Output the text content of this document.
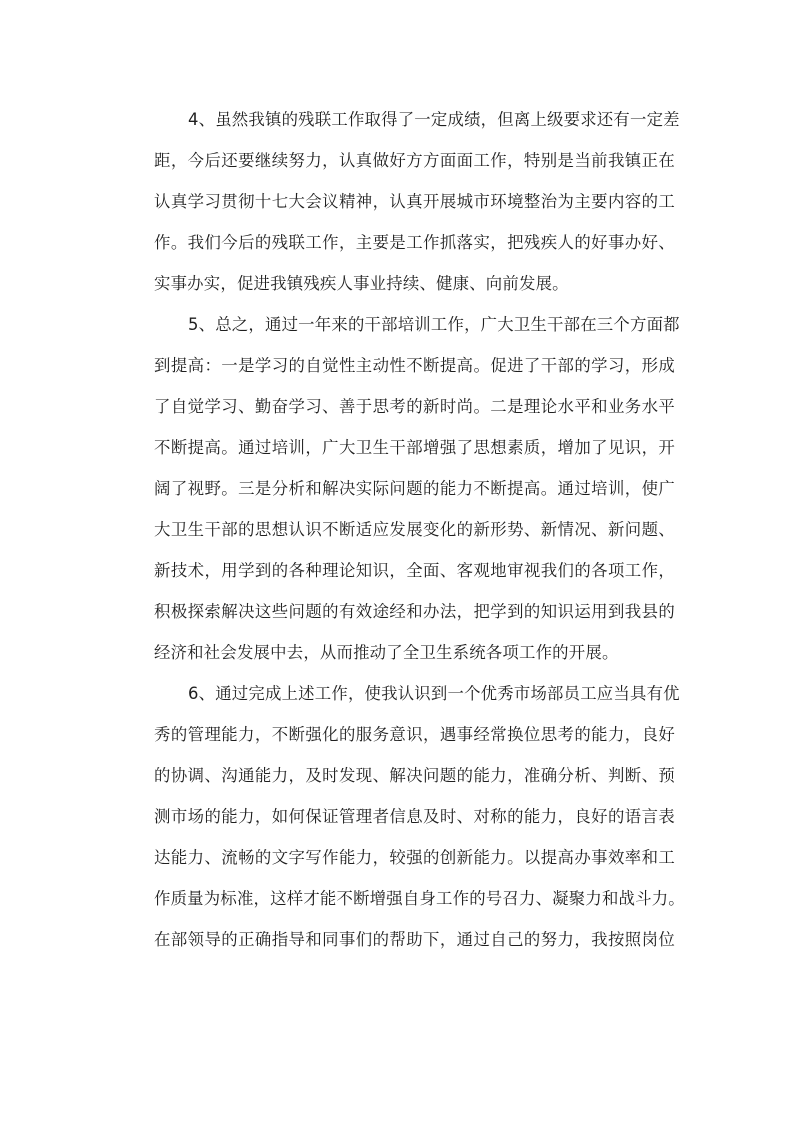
4、虽然我镇的残联工作取得了一定成绩，但离上级要求还有一定差
距，今后还要继续努力，认真做好方方面面工作，特别是当前我镇正在
认真学习贯彻十七大会议精神，认真开展城市环境整治为主要内容的工
作。我们今后的残联工作，主要是工作抓落实，把残疾人的好事办好、
实事办实，促进我镇残疾人事业持续、健康、向前发展。
5、总之，通过一年来的干部培训工作，广大卫生干部在三个方面都
到提高：一是学习的自觉性主动性不断提高。促进了干部的学习，形成
了自觉学习、勤奋学习、善于思考的新时尚。二是理论水平和业务水平
不断提高。通过培训，广大卫生干部增强了思想素质，增加了见识，开
阔了视野。三是分析和解决实际问题的能力不断提高。通过培训，使广
大卫生干部的思想认识不断适应发展变化的新形势、新情况、新问题、
新技术，用学到的各种理论知识，全面、客观地审视我们的各项工作，
积极探索解决这些问题的有效途经和办法，把学到的知识运用到我县的
经济和社会发展中去，从而推动了全卫生系统各项工作的开展。
6、通过完成上述工作，使我认识到一个优秀市场部员工应当具有优
秀的管理能力，不断强化的服务意识，遇事经常换位思考的能力，良好
的协调、沟通能力，及时发现、解决问题的能力，准确分析、判断、预
测市场的能力，如何保证管理者信息及时、对称的能力，良好的语言表
达能力、流畅的文字写作能力，较强的创新能力。以提高办事效率和工
作质量为标准，这样才能不断增强自身工作的号召力、凝聚力和战斗力。
在部领导的正确指导和同事们的帮助下，通过自己的努力，我按照岗位
